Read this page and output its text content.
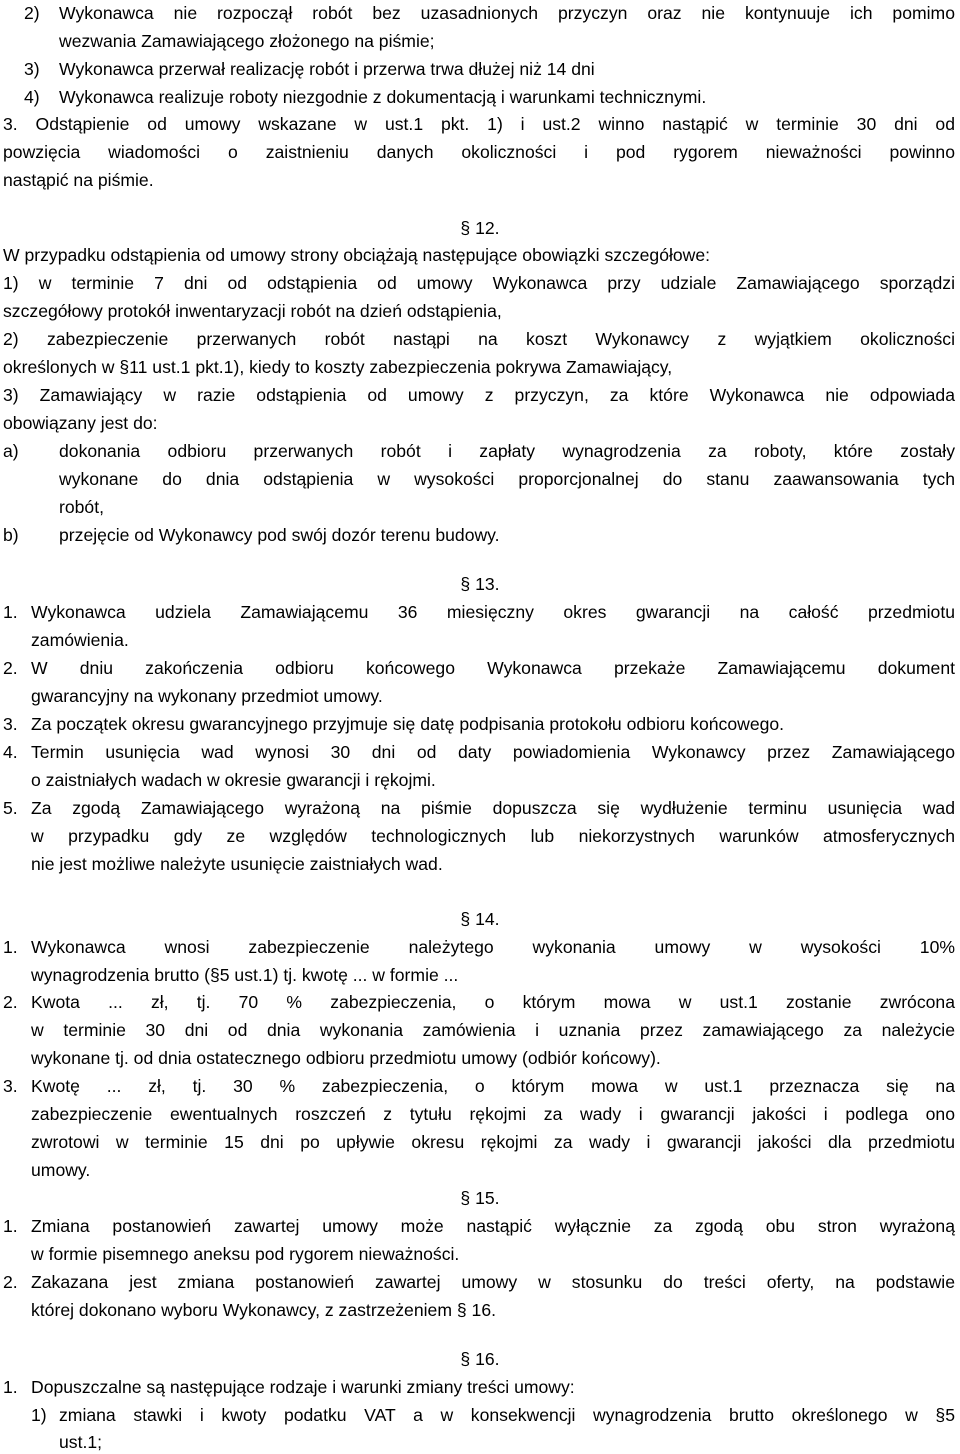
2) Wykonawca nie rozpoczął robót bez uzasadnionych przyczyn oraz nie kontynuuje ich pomimo
wezwania Zamawiającego złożonego na piśmie;
3) Wykonawca przerwał realizację robót i przerwa trwa dłużej niż 14 dni
4) Wykonawca realizuje roboty niezgodnie z dokumentacją i warunkami technicznymi.
3. Odstąpienie od umowy wskazane w ust.1 pkt. 1) i ust.2 winno nastąpić w terminie 30 dni od
powzięcia wiadomości o zaistnieniu danych okoliczności i pod rygorem nieważności powinno
nastąpić na piśmie.
§ 12.
W przypadku odstąpienia od umowy strony obciążają następujące obowiązki szczegółowe:
1) w terminie 7 dni od odstąpienia od umowy Wykonawca przy udziale Zamawiającego sporządzi
szczegółowy protokół inwentaryzacji robót na dzień odstąpienia,
2) zabezpieczenie przerwanych robót nastąpi na koszt Wykonawcy z wyjątkiem okoliczności
określonych w §11 ust.1 pkt.1), kiedy to koszty zabezpieczenia pokrywa Zamawiający,
3) Zamawiający w razie odstąpienia od umowy z przyczyn, za które Wykonawca nie odpowiada
obowiązany jest do:
a) dokonania odbioru przerwanych robót i zapłaty wynagrodzenia za roboty, które zostały
wykonane do dnia odstąpienia w wysokości proporcjonalnej do stanu zaawansowania tych
robót,
b) przejęcie od Wykonawcy pod swój dozór terenu budowy.
§ 13.
1. Wykonawca udziela Zamawiającemu 36 miesięczny okres gwarancji na całość przedmiotu
zamówienia.
2. W dniu zakończenia odbioru końcowego Wykonawca przekaże Zamawiającemu dokument
gwarancyjny na wykonany przedmiot umowy.
3. Za początek okresu gwarancyjnego przyjmuje się datę podpisania protokołu odbioru końcowego.
4. Termin usunięcia wad wynosi 30 dni od daty powiadomienia Wykonawcy przez Zamawiającego
o zaistniałych wadach w okresie gwarancji i rękojmi.
5. Za zgodą Zamawiającego wyrażoną na piśmie dopuszcza się wydłużenie terminu usunięcia wad
w przypadku gdy ze względów technologicznych lub niekorzystnych warunków atmosferycznych
nie jest możliwe należyte usunięcie zaistniałych wad.
§ 14.
1. Wykonawca wnosi zabezpieczenie należytego wykonania umowy w wysokości 10%
wynagrodzenia brutto (§5 ust.1) tj. kwotę ... w formie ...
2. Kwota ... zł, tj. 70 % zabezpieczenia, o którym mowa w ust.1 zostanie zwrócona
w terminie 30 dni od dnia wykonania zamówienia i uznania przez zamawiającego za należycie
wykonane tj. od dnia ostatecznego odbioru przedmiotu umowy (odbiór końcowy).
3. Kwotę ... zł, tj. 30 % zabezpieczenia, o którym mowa w ust.1 przeznacza się na
zabezpieczenie ewentualnych roszczeń z tytułu rękojmi za wady i gwarancji jakości i podlega ono
zwrotowi w terminie 15 dni po upływie okresu rękojmi za wady i gwarancji jakości dla przedmiotu
umowy.
§ 15.
1. Zmiana postanowień zawartej umowy może nastąpić wyłącznie za zgodą obu stron wyrażoną
w formie pisemnego aneksu pod rygorem nieważności.
2. Zakazana jest zmiana postanowień zawartej umowy w stosunku do treści oferty, na podstawie
której dokonano wyboru Wykonawcy, z zastrzeżeniem § 16.
§ 16.
1. Dopuszczalne są następujące rodzaje i warunki zmiany treści umowy:
1) zmiana stawki i kwoty podatku VAT a w konsekwencji wynagrodzenia brutto określonego w §5
ust.1;
